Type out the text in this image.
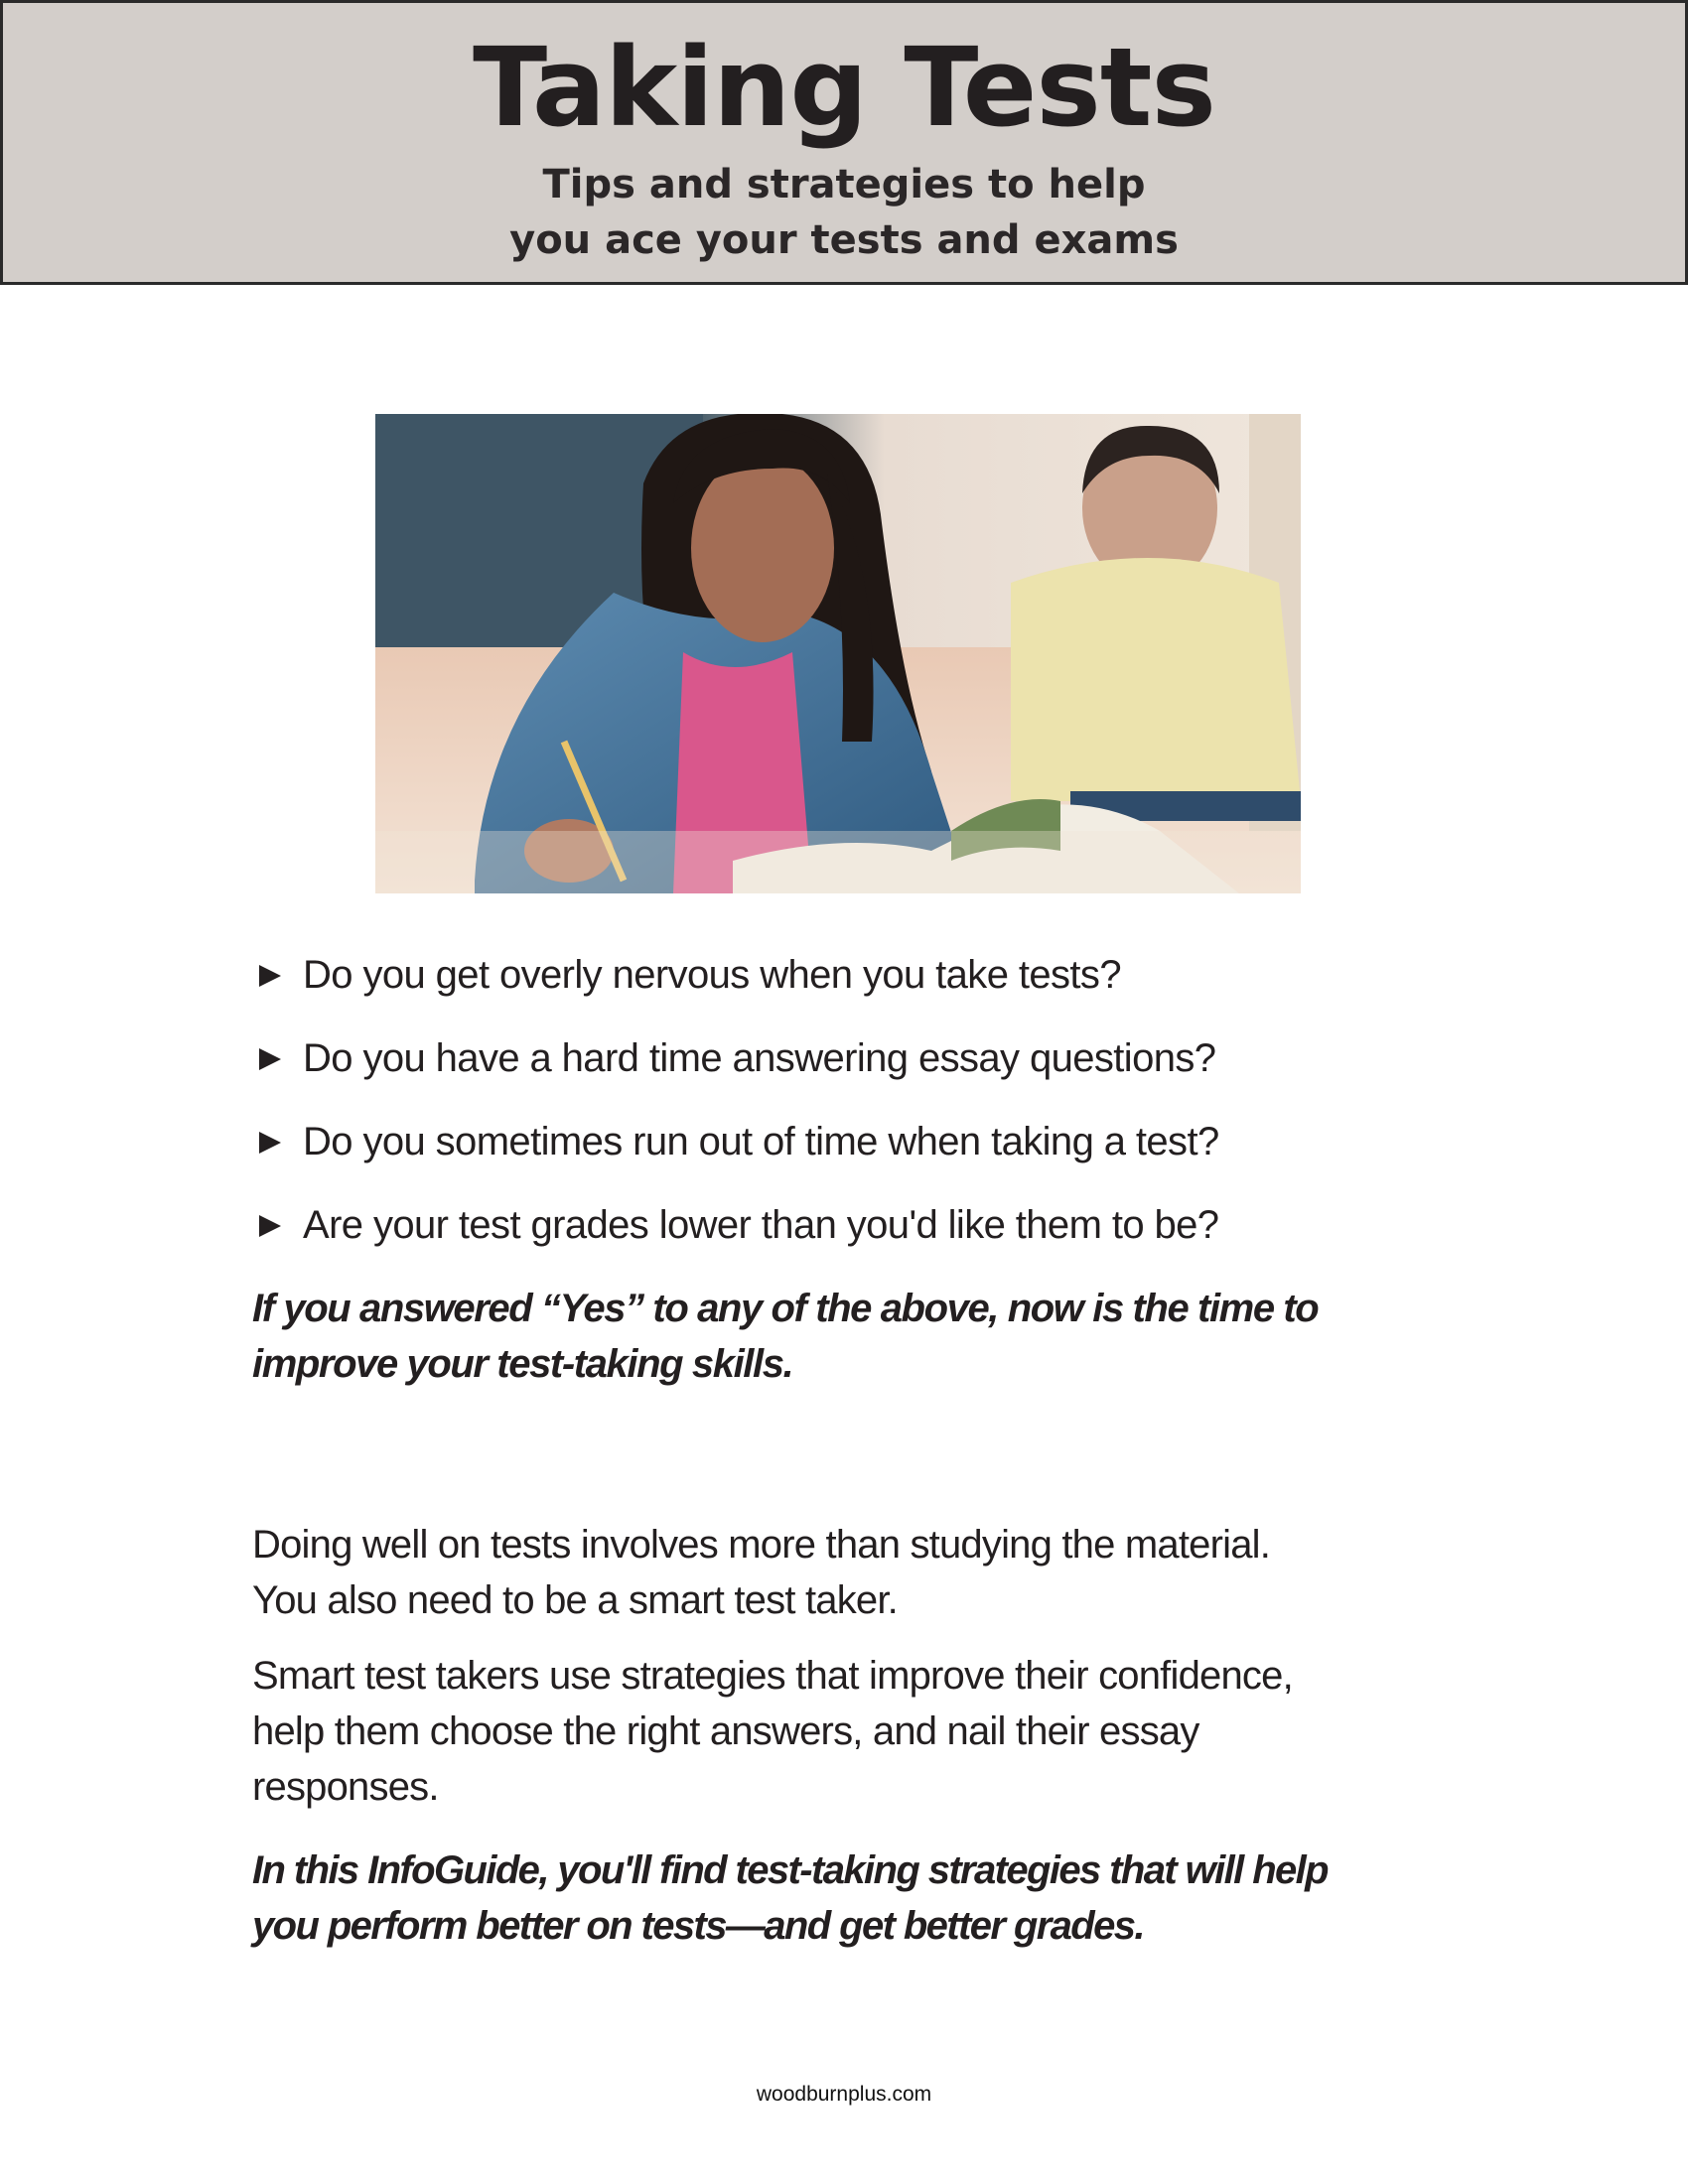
Taking Tests
Tips and strategies to help
you ace your tests and exams
Do you get overly nervous when you take tests?
Do you have a hard time answering essay questions?
Do you sometimes run out of time when taking a test?
Are your test grades lower than you'd like them to be?
If you answered “Yes” to any of the above, now is the time to
improve your test-taking skills.
Doing well on tests involves more than studying the material.
You also need to be a smart test taker.
Smart test takers use strategies that improve their confidence,
help them choose the right answers, and nail their essay
responses.
In this InfoGuide, you'll find test-taking strategies that will help
you perform better on tests—and get better grades.
woodburnplus.com
